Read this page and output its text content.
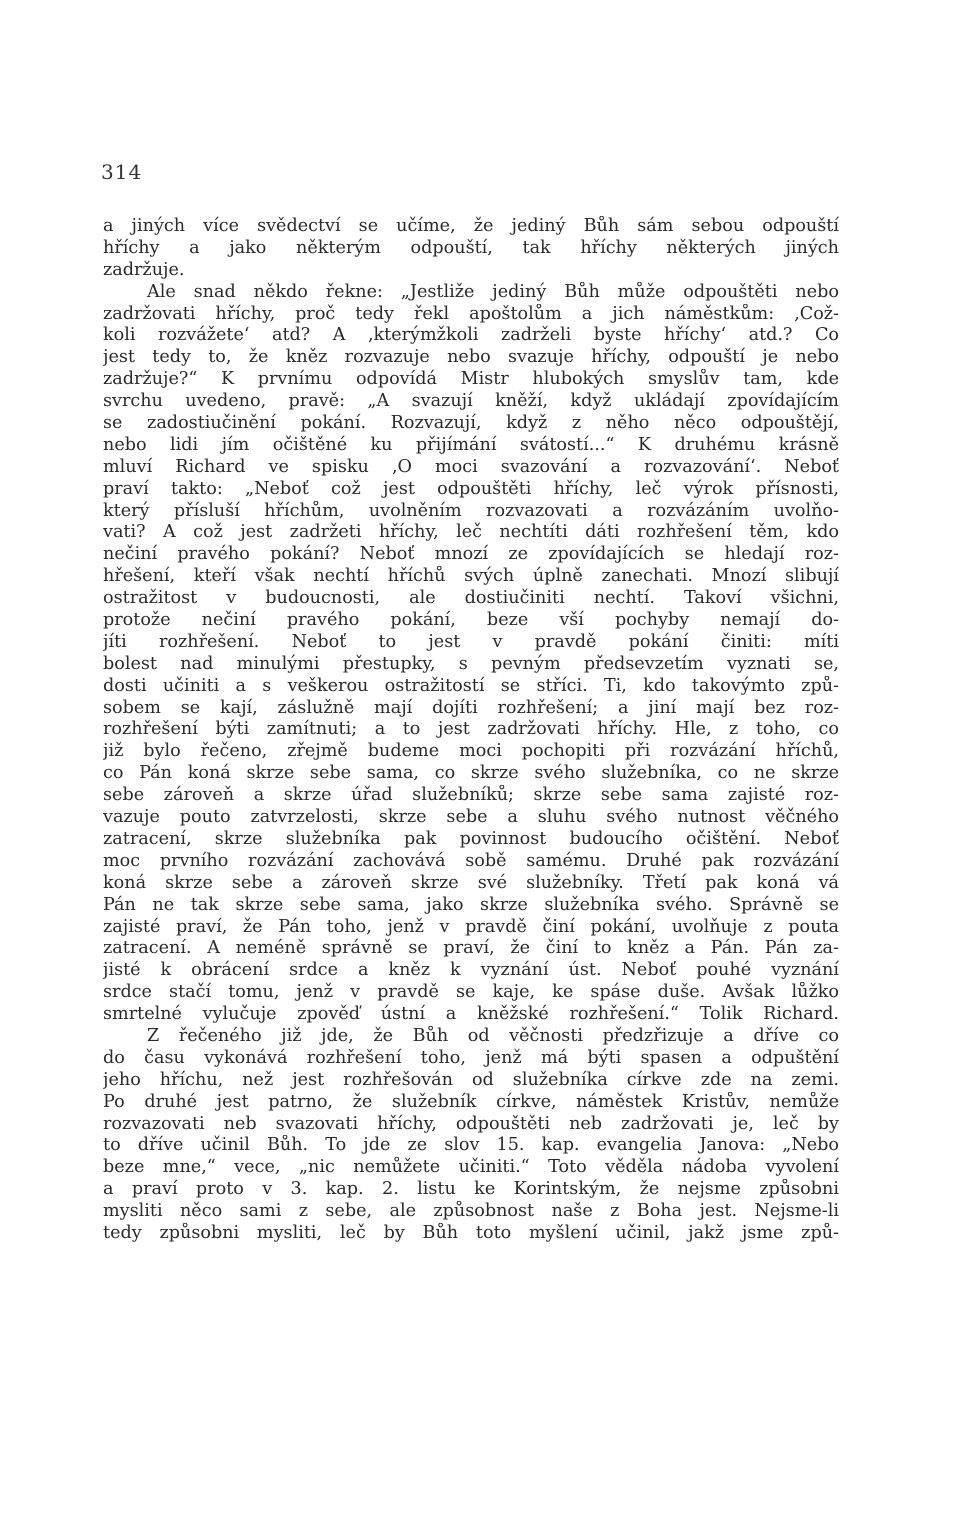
314
a jiných více svědectví se učíme, že jediný Bůh sám sebou odpouští
hříchy a jako některým odpouští, tak hříchy některých jiných
zadržuje.
Ale snad někdo řekne: „Jestliže jediný Bůh může odpouštěti nebo
zadržovati hříchy, proč tedy řekl apoštolům a jich náměstkům: ‚Což-
koli rozvážete‘ atd? A ‚kterýmžkoli zadrželi byste hříchy‘ atd.? Co
jest tedy to, že kněz rozvazuje nebo svazuje hříchy, odpouští je nebo
zadržuje?“ K prvnímu odpovídá Mistr hlubokých smyslův tam, kde
svrchu uvedeno, pravě: „A svazují kněží, když ukládají zpovídajícím
se zadostiučinění pokání. Rozvazují, když z něho něco odpouštějí,
nebo lidi jím očištěné ku přijímání svátostí...“ K druhému krásně
mluví Richard ve spisku ‚O moci svazování a rozvazování‘. Neboť
praví takto: „Neboť což jest odpouštěti hříchy, leč výrok přísnosti,
který přísluší hříchům, uvolněním rozvazovati a rozvázáním uvolňo-
vati? A což jest zadržeti hříchy, leč nechtíti dáti rozhřešení těm, kdo
nečiní pravého pokání? Neboť mnozí ze zpovídajících se hledají roz-
hřešení, kteří však nechtí hříchů svých úplně zanechati. Mnozí slibují
ostražitost v budoucnosti, ale dostiučiniti nechtí. Takoví všichni,
protože nečiní pravého pokání, beze vší pochyby nemají do-
jíti rozhřešení. Neboť to jest v pravdě pokání činiti: míti
bolest nad minulými přestupky, s pevným předsevzetím vyznati se,
dosti učiniti a s veškerou ostražitostí se stříci. Ti, kdo takovýmto způ-
sobem se kají, záslužně mají dojíti rozhřešení; a jiní mají bez roz-
rozhřešení býti zamítnuti; a to jest zadržovati hříchy. Hle, z toho, co
již bylo řečeno, zřejmě budeme moci pochopiti při rozvázání hříchů,
co Pán koná skrze sebe sama, co skrze svého služebníka, co ne skrze
sebe zároveň a skrze úřad služebníků; skrze sebe sama zajisté roz-
vazuje pouto zatvrzelosti, skrze sebe a sluhu svého nutnost věčného
zatracení, skrze služebníka pak povinnost budoucího očištění. Neboť
moc prvního rozvázání zachovává sobě samému. Druhé pak rozvázání
koná skrze sebe a zároveň skrze své služebníky. Třetí pak koná vá
Pán ne tak skrze sebe sama, jako skrze služebníka svého. Správně se
zajisté praví, že Pán toho, jenž v pravdě činí pokání, uvolňuje z pouta
zatracení. A neméně správně se praví, že činí to kněz a Pán. Pán za-
jisté k obrácení srdce a kněz k vyznání úst. Neboť pouhé vyznání
srdce stačí tomu, jenž v pravdě se kaje, ke spáse duše. Avšak lůžko
smrtelné vylučuje zpověď ústní a kněžské rozhřešení.“ Tolik Richard.
Z řečeného již jde, že Bůh od věčnosti předzřizuje a dříve co
do času vykonává rozhřešení toho, jenž má býti spasen a odpuštění
jeho hříchu, než jest rozhřešován od služebníka církve zde na zemi.
Po druhé jest patrno, že služebník církve, náměstek Kristův, nemůže
rozvazovati neb svazovati hříchy, odpouštěti neb zadržovati je, leč by
to dříve učinil Bůh. To jde ze slov 15. kap. evangelia Janova: „Nebo
beze mne,“ vece, „nic nemůžete učiniti.“ Toto věděla nádoba vyvolení
a praví proto v 3. kap. 2. listu ke Korintským, že nejsme způsobni
mysliti něco sami z sebe, ale způsobnost naše z Boha jest. Nejsme-li
tedy způsobni mysliti, leč by Bůh toto myšlení učinil, jakž jsme způ-
